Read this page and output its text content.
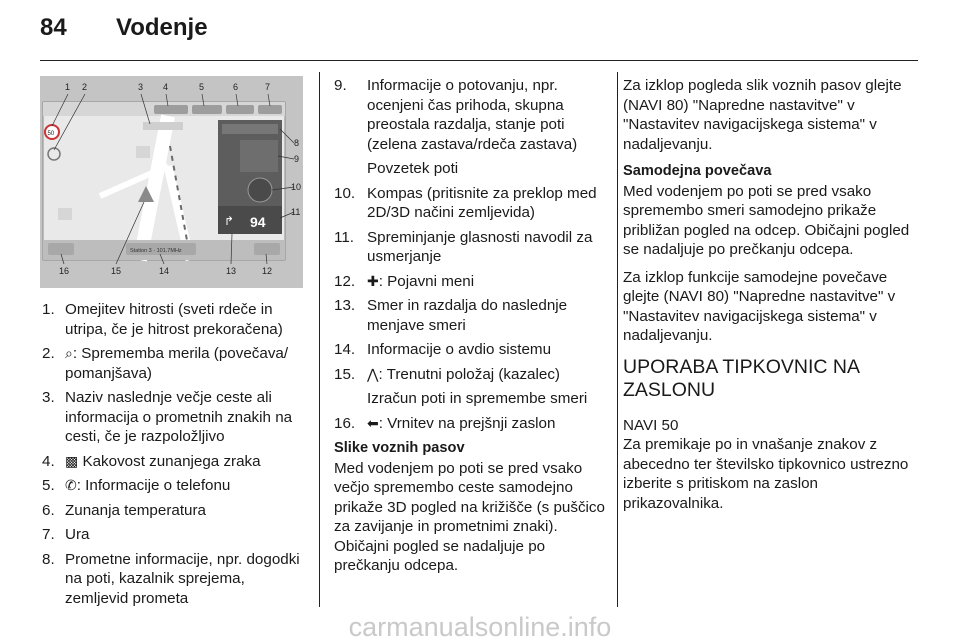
84 Vodenje
50
↱ 94
Station 3 · 101.7MHz
1 2	3 4	5	6	7
8
9
10
11
12
13
14
15
16
1. Omejitev hitrosti (sveti rdeče in utripa, če je hitrost prekoračena)
2. ⌕: Sprememba merila (povečava/ pomanjšava)
3. Naziv naslednje večje ceste ali informacija o prometnih znakih na cesti, če je razpoložljivo
4. ▩ Kakovost zunanjega zraka
5. ✆: Informacije o telefonu
6. Zunanja temperatura
7. Ura
8. Prometne informacije, npr. dogodki na poti, kazalnik sprejema, zemljevid prometa
9. Informacije o potovanju, npr. ocenjeni čas prihoda, skupna preostala razdalja, stanje poti (zelena zastava/rdeča zastava)
Povzetek poti
10. Kompas (pritisnite za preklop med 2D/3D načini zemljevida)
11. Spreminjanje glasnosti navodil za usmerjanje
12. ✚: Pojavni meni
13. Smer in razdalja do naslednje menjave smeri
14. Informacije o avdio sistemu
15. ⋀: Trenutni položaj (kazalec)
Izračun poti in spremembe smeri
16. ⬅: Vrnitev na prejšnji zaslon
Slike voznih pasov

Med vodenjem po poti se pred vsako večjo spremembo ceste samodejno prikaže 3D pogled na križišče (s puščico za zavijanje in prometnimi znaki). Običajni pogled se nadaljuje po prečkanju odcepa.

Za izklop pogleda slik voznih pasov glejte (NAVI 80) "Napredne nastavitve" v "Nastavitev navigacijskega sistema" v nadaljevanju.

Samodejna povečava

Med vodenjem po poti se pred vsako spremembo smeri samodejno prikaže približan pogled na odcep. Običajni pogled se nadaljuje po prečkanju odcepa.

Za izklop funkcije samodejne povečave glejte (NAVI 80) "Napredne nastavitve" v "Nastavitev navigacijskega sistema" v nadaljevanju.

UPORABA TIPKOVNIC NA ZASLONU
NAVI 50

Za premikaje po in vnašanje znakov z abecedno ter številsko tipkovnico ustrezno izberite s pritiskom na zaslon prikazovalnika.

carmanualsonline.info
